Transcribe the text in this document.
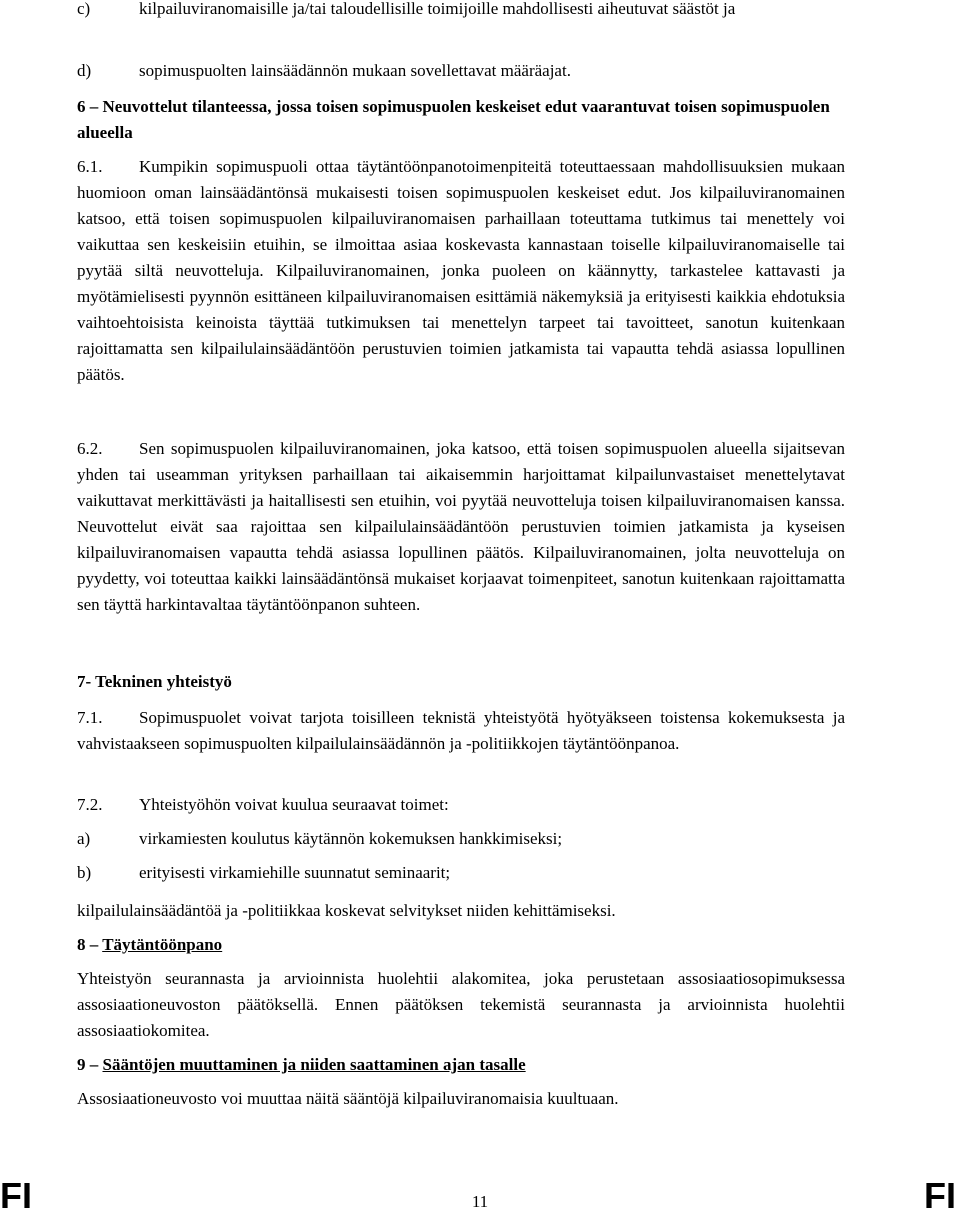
c)	kilpailuviranomaisille ja/tai taloudellisille toimijoille mahdollisesti aiheutuvat säästöt ja
d)	sopimuspuolten lainsäädännön mukaan sovellettavat määräajat.
6 – Neuvottelut tilanteessa, jossa toisen sopimuspuolen keskeiset edut vaarantuvat toisen sopimuspuolen alueella
6.1. Kumpikin sopimuspuoli ottaa täytäntöönpanotoimenpiteitä toteuttaessaan mahdollisuuksien mukaan huomioon oman lainsäädäntönsä mukaisesti toisen sopimuspuolen keskeiset edut. Jos kilpailuviranomainen katsoo, että toisen sopimuspuolen kilpailuviranomaisen parhaillaan toteuttama tutkimus tai menettely voi vaikuttaa sen keskeisiin etuihin, se ilmoittaa asiaa koskevasta kannastaan toiselle kilpailuviranomaiselle tai pyytää siltä neuvotteluja. Kilpailuviranomainen, jonka puoleen on käännytty, tarkastelee kattavasti ja myötämielisesti pyynnön esittäneen kilpailuviranomaisen esittämiä näkemyksiä ja erityisesti kaikkia ehdotuksia vaihtoehtoisista keinoista täyttää tutkimuksen tai menettelyn tarpeet tai tavoitteet, sanotun kuitenkaan rajoittamatta sen kilpailulainsäädäntöön perustuvien toimien jatkamista tai vapautta tehdä asiassa lopullinen päätös.
6.2. Sen sopimuspuolen kilpailuviranomainen, joka katsoo, että toisen sopimuspuolen alueella sijaitsevan yhden tai useamman yrityksen parhaillaan tai aikaisemmin harjoittamat kilpailunvastaiset menettelytavat vaikuttavat merkittävästi ja haitallisesti sen etuihin, voi pyytää neuvotteluja toisen kilpailuviranomaisen kanssa. Neuvottelut eivät saa rajoittaa sen kilpailulainsäädäntöön perustuvien toimien jatkamista ja kyseisen kilpailuviranomaisen vapautta tehdä asiassa lopullinen päätös. Kilpailuviranomainen, jolta neuvotteluja on pyydetty, voi toteuttaa kaikki lainsäädäntönsä mukaiset korjaavat toimenpiteet, sanotun kuitenkaan rajoittamatta sen täyttä harkintavaltaa täytäntöönpanon suhteen.
7- Tekninen yhteistyö
7.1. Sopimuspuolet voivat tarjota toisilleen teknistä yhteistyötä hyötyäkseen toistensa kokemuksesta ja vahvistaakseen sopimuspuolten kilpailulainsäädännön ja -politiikkojen täytäntöönpanoa.
7.2.	Yhteistyöhön voivat kuulua seuraavat toimet:
a)	virkamiesten koulutus käytännön kokemuksen hankkimiseksi;
b)	erityisesti virkamiehille suunnatut seminaarit;
kilpailulainsäädäntöä ja -politiikkaa koskevat selvitykset niiden kehittämiseksi.
8 – Täytäntöönpano
Yhteistyön seurannasta ja arvioinnista huolehtii alakomitea, joka perustetaan assosiaatiosopimuksessa assosiaationeuvoston päätöksellä. Ennen päätöksen tekemistä seurannasta ja arvioinnista huolehtii assosiaatiokomitea.
9 – Sääntöjen muuttaminen ja niiden saattaminen ajan tasalle
Assosiaationeuvosto voi muuttaa näitä sääntöjä kilpailuviranomaisia kuultuaan.
FI	11	FI
